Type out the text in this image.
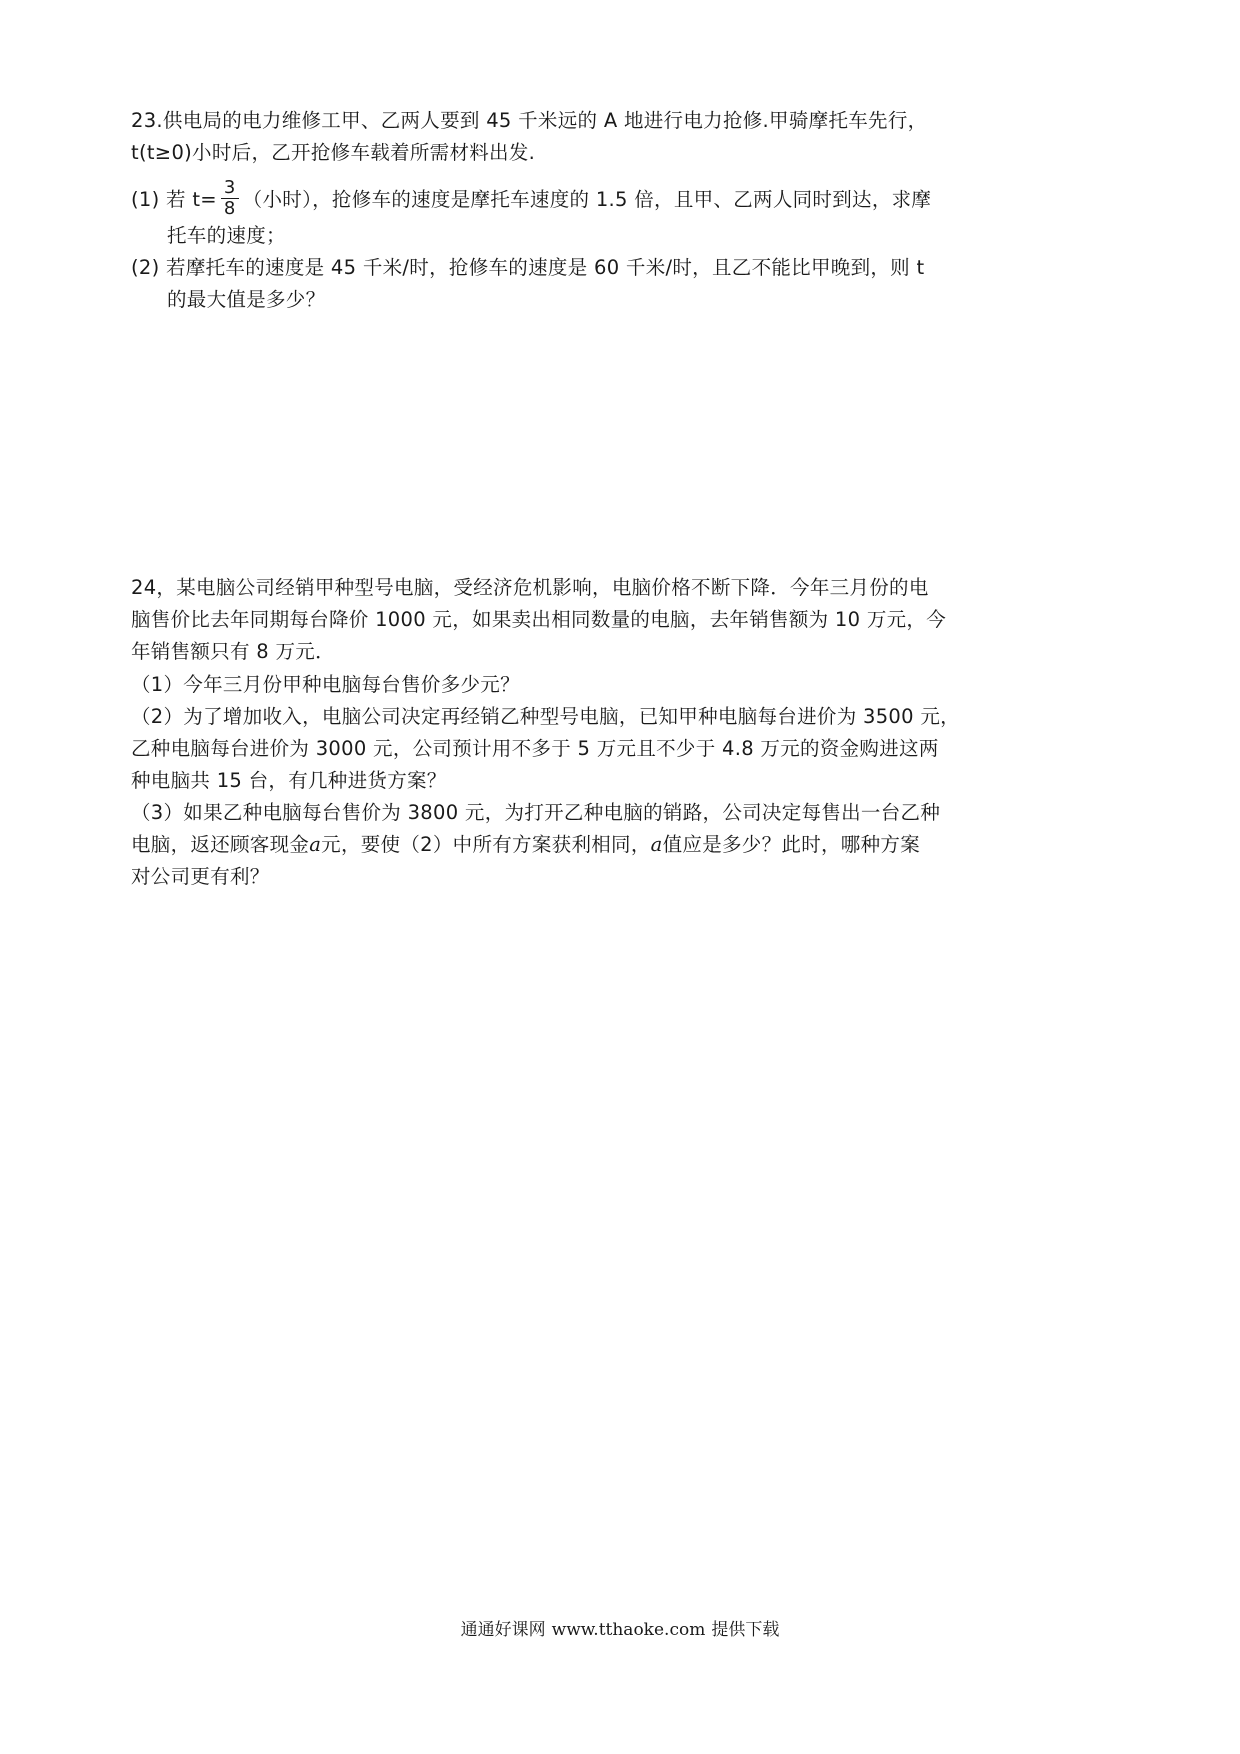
23.供电局的电力维修工甲、乙两人要到 45 千米远的 A 地进行电力抢修.甲骑摩托车先行，
t(t≥0)小时后，乙开抢修车载着所需材料出发.
(1) 若 $t= \frac{3}{8}$ （小时），抢修车的速度是摩托车速度的 1.5 倍，且甲、乙两人同时到达，求摩
托车的速度；
(2) 若摩托车的速度是 45 千米/时，抢修车的速度是 60 千米/时，且乙不能比甲晚到，则 t
的最大值是多少？
24，某电脑公司经销甲种型号电脑，受经济危机影响，电脑价格不断下降．今年三月份的电
脑售价比去年同期每台降价 1000 元，如果卖出相同数量的电脑，去年销售额为 10 万元，今
年销售额只有 8 万元．
（1）今年三月份甲种电脑每台售价多少元？
（2）为了增加收入，电脑公司决定再经销乙种型号电脑，已知甲种电脑每台进价为 3500 元，
乙种电脑每台进价为 3000 元，公司预计用不多于 5 万元且不少于 4.8 万元的资金购进这两
种电脑共 15 台，有几种进货方案？
（3）如果乙种电脑每台售价为 3800 元，为打开乙种电脑的销路，公司决定每售出一台乙种
电脑，返还顾客现金a元，要使（2）中所有方案获利相同，a值应是多少？此时，哪种方案
对公司更有利？
通通好课网 www.tthaoke.com 提供下载
